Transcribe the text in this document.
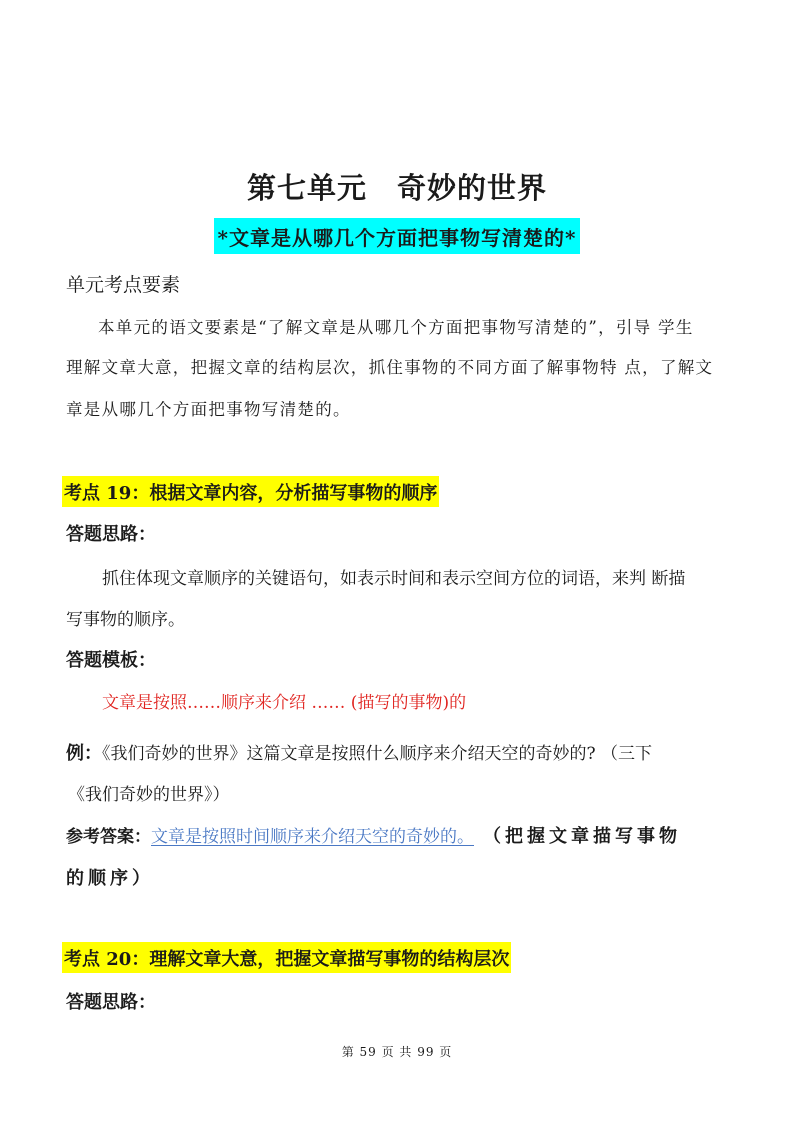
第七单元　奇妙的世界
*文章是从哪几个方面把事物写清楚的*
单元考点要素
本单元的语文要素是“了解文章是从哪几个方面把事物写清楚的”，引导 学生
理解文章大意，把握文章的结构层次，抓住事物的不同方面了解事物特 点，了解文
章是从哪几个方面把事物写清楚的。
考点 19：根据文章内容，分析描写事物的顺序
答题思路：
抓住体现文章顺序的关键语句，如表示时间和表示空间方位的词语，来判 断描
写事物的顺序。
答题模板：
文章是按照……顺序来介绍 …… (描写的事物)的
例：《我们奇妙的世界》这篇文章是按照什么顺序来介绍天空的奇妙的? （三下
《我们奇妙的世界》）
参考答案：文章是按照时间顺序来介绍天空的奇妙的。 （把握文章描写事物
的顺序）
考点 20：理解文章大意，把握文章描写事物的结构层次
答题思路：
第 59 页 共 99 页
